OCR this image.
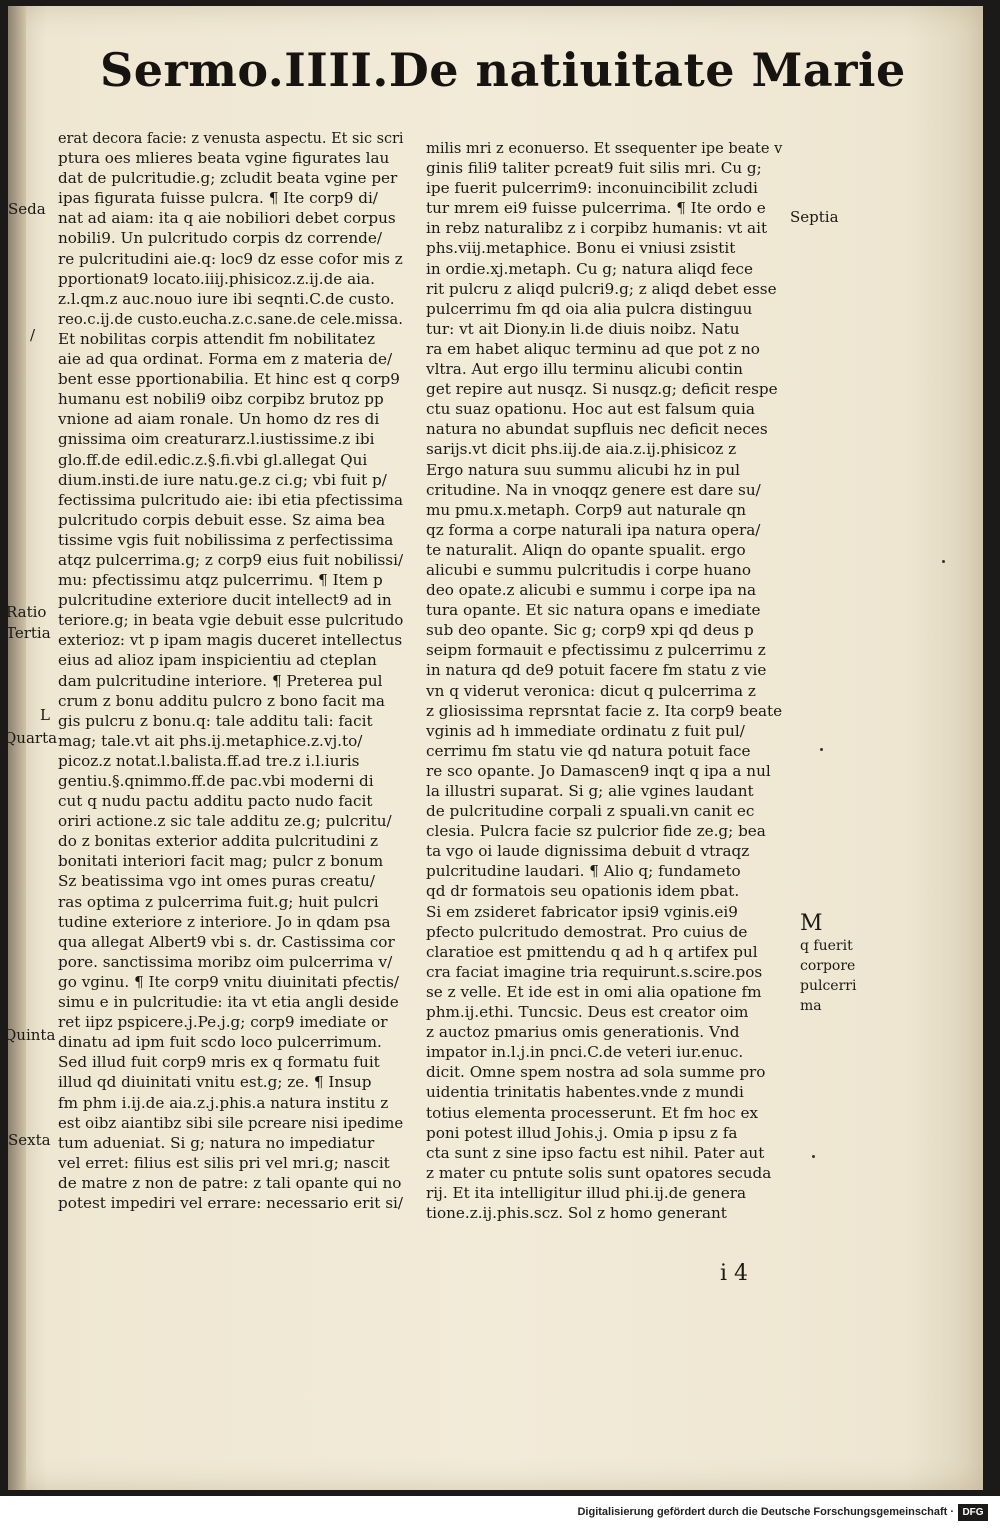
Sermo.IIII.De natiuitate Marie
erat decora facie: z venusta aspectu. Et sic scri
ptura oes mlieres beata vgine figurates lau
dat de pulcritudie.g; zcludit beata vgine per
ipas figurata fuisse pulcra. ¶ Ite corp9 di/
nat ad aiam: ita q aie nobiliori debet corpus
nobili9. Un pulcritudo corpis dz corrende/
re pulcritudini aie.q: loc9 dz esse cofor mis z
pportionat9 locato.iiij.phisicoz.z.ij.de aia.
z.l.qm.z auc.nouo iure ibi seqnti.C.de custo.
reo.c.ij.de custo.eucha.z.c.sane.de cele.missa.
Et nobilitas corpis attendit fm nobilitatez
aie ad qua ordinat. Forma em z materia de/
bent esse pportionabilia. Et hinc est q corp9
humanu est nobili9 oibz corpibz brutoz pp
vnione ad aiam ronale. Un homo dz res di
gnissima oim creaturarz.l.iustissime.z ibi
glo.ff.de edil.edic.z.§.fi.vbi gl.allegat Qui
dium.insti.de iure natu.ge.z ci.g; vbi fuit p/
fectissima pulcritudo aie: ibi etia pfectissima
pulcritudo corpis debuit esse. Sz aima bea
tissime vgis fuit nobilissima z perfectissima
atqz pulcerrima.g; z corp9 eius fuit nobilissi/
mu: pfectissimu atqz pulcerrimu. ¶ Item p
pulcritudine exteriore ducit intellect9 ad in
teriore.g; in beata vgie debuit esse pulcritudo
exterioz: vt p ipam magis duceret intellectus
eius ad alioz ipam inspicientiu ad cteplan
dam pulcritudine interiore. ¶ Preterea pul
crum z bonu additu pulcro z bono facit ma
gis pulcru z bonu.q: tale additu tali: facit
mag; tale.vt ait phs.ij.metaphice.z.vj.to/
picoz.z notat.l.balista.ff.ad tre.z i.l.iuris
gentiu.§.qnimmo.ff.de pac.vbi moderni di
cut q nudu pactu additu pacto nudo facit
oriri actione.z sic tale additu ze.g; pulcritu/
do z bonitas exterior addita pulcritudini z
bonitati interiori facit mag; pulcr z bonum
Sz beatissima vgo int omes puras creatu/
ras optima z pulcerrima fuit.g; huit pulcri
tudine exteriore z interiore. Jo in qdam psa
qua allegat Albert9 vbi s. dr. Castissima cor
pore. sanctissima moribz oim pulcerrima v/
go vginu. ¶ Ite corp9 vnitu diuinitati pfectis/
simu e in pulcritudie: ita vt etia angli deside
ret iipz pspicere.j.Pe.j.g; corp9 imediate or
dinatu ad ipm fuit scdo loco pulcerrimum.
Sed illud fuit corp9 mris ex q formatu fuit
illud qd diuinitati vnitu est.g; ze. ¶ Insup
fm phm i.ij.de aia.z.j.phis.a natura institu z
est oibz aiantibz sibi sile pcreare nisi ipedime
tum adueniat. Si g; natura no impediatur
vel erret: filius est silis pri vel mri.g; nascit
de matre z non de patre: z tali opante qui no
potest impediri vel errare: necessario erit si/
milis mri z econuerso. Et ssequenter ipe beate v
ginis fili9 taliter pcreat9 fuit silis mri. Cu g;
ipe fuerit pulcerrim9: inconuincibilit zcludi
tur mrem ei9 fuisse pulcerrima. ¶ Ite ordo e
in rebz naturalibz z i corpibz humanis: vt ait
phs.viij.metaphice. Bonu ei vniusi zsistit
in ordie.xj.metaph. Cu g; natura aliqd fece
rit pulcru z aliqd pulcri9.g; z aliqd debet esse
pulcerrimu fm qd oia alia pulcra distinguu
tur: vt ait Diony.in li.de diuis noibz. Natu
ra em habet aliquc terminu ad que pot z no
vltra. Aut ergo illu terminu alicubi contin
get repire aut nusqz. Si nusqz.g; deficit respe
ctu suaz opationu. Hoc aut est falsum quia
natura no abundat supfluis nec deficit neces
sarijs.vt dicit phs.iij.de aia.z.ij.phisicoz z
Ergo natura suu summu alicubi hz in pul
critudine. Na in vnoqqz genere est dare su/
mu pmu.x.metaph. Corp9 aut naturale qn
qz forma a corpe naturali ipa natura opera/
te naturalit. Aliqn do opante spualit. ergo
alicubi e summu pulcritudis i corpe huano
deo opate.z alicubi e summu i corpe ipa na
tura opante. Et sic natura opans e imediate
sub deo opante. Sic g; corp9 xpi qd deus p
seipm formauit e pfectissimu z pulcerrimu z
in natura qd de9 potuit facere fm statu z vie
vn q viderut veronica: dicut q pulcerrima z
z gliosissima reprsntat facie z. Ita corp9 beate
vginis ad h immediate ordinatu z fuit pul/
cerrimu fm statu vie qd natura potuit face
re sco opante. Jo Damascen9 inqt q ipa a nul
la illustri suparat. Si g; alie vgines laudant
de pulcritudine corpali z spuali.vn canit ec
clesia. Pulcra facie sz pulcrior fide ze.g; bea
ta vgo oi laude dignissima debuit d vtraqz
pulcritudine laudari. ¶ Alio q; fundameto
qd dr formatois seu opationis idem pbat.
Si em zsideret fabricator ipsi9 vginis.ei9
pfecto pulcritudo demostrat. Pro cuius de
claratioe est pmittendu q ad h q artifex pul
cra faciat imagine tria requirunt.s.scire.pos
se z velle. Et ide est in omi alia opatione fm
phm.ij.ethi. Tuncsic. Deus est creator oim
z auctoz pmarius omis generationis. Vnd
impator in.l.j.in pnci.C.de veteri iur.enuc.
dicit. Omne spem nostra ad sola summe pro
uidentia trinitatis habentes.vnde z mundi
totius elementa processerunt. Et fm hoc ex
poni potest illud Johis.j. Omia p ipsu z fa
cta sunt z sine ipso factu est nihil. Pater aut
z mater cu pntute solis sunt opatores secuda
rij. Et ita intelligitur illud phi.ij.de genera
tione.z.ij.phis.scz. Sol z homo generant
Seda
/
Ratio
Tertia
L
Quarta
Quinta
Sexta
Septia
M
q fuerit
corpore
pulcerri
ma
i 4
Digitalisierung gefördert durch die Deutsche Forschungsgemeinschaft · DFG
